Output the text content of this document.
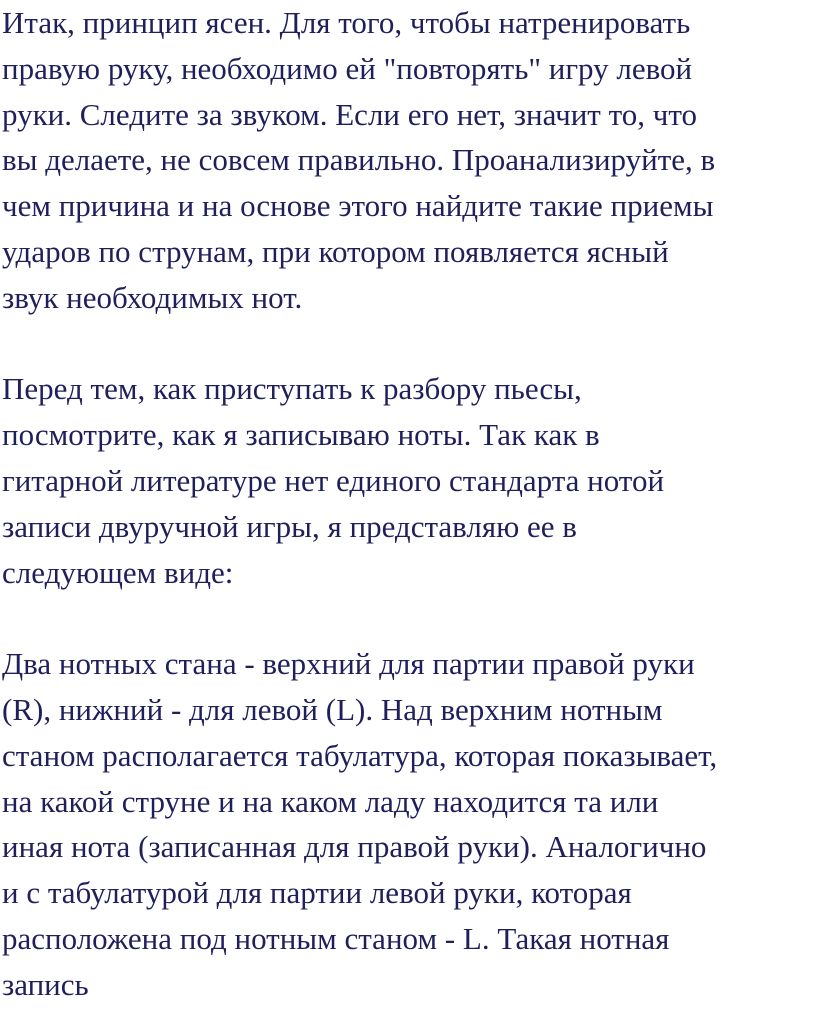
Итак, принцип ясен. Для того, чтобы натренировать
правую руку, необходимо ей "повторять" игру левой
руки. Следите за звуком. Если его нет, значит то, что
вы делаете, не совсем правильно. Проанализируйте, в
чем причина и на основе этого найдите такие приемы
ударов по струнам, при котором появляется ясный
звук необходимых нот.
Перед тем, как приступать к разбору пьесы,
посмотрите, как я записываю ноты. Так как в
гитарной литературе нет единого стандарта нотой
записи двуручной игры, я представляю ее в
следующем виде:
Два нотных стана - верхний для партии правой руки
(R), нижний - для левой (L). Над верхним нотным
станом располагается табулатура, которая показывает,
на какой струне и на каком ладу находится та или
иная нота (записанная для правой руки). Аналогично
и с табулатурой для партии левой руки, которая
расположена под нотным станом - L. Такая нотная
запись
